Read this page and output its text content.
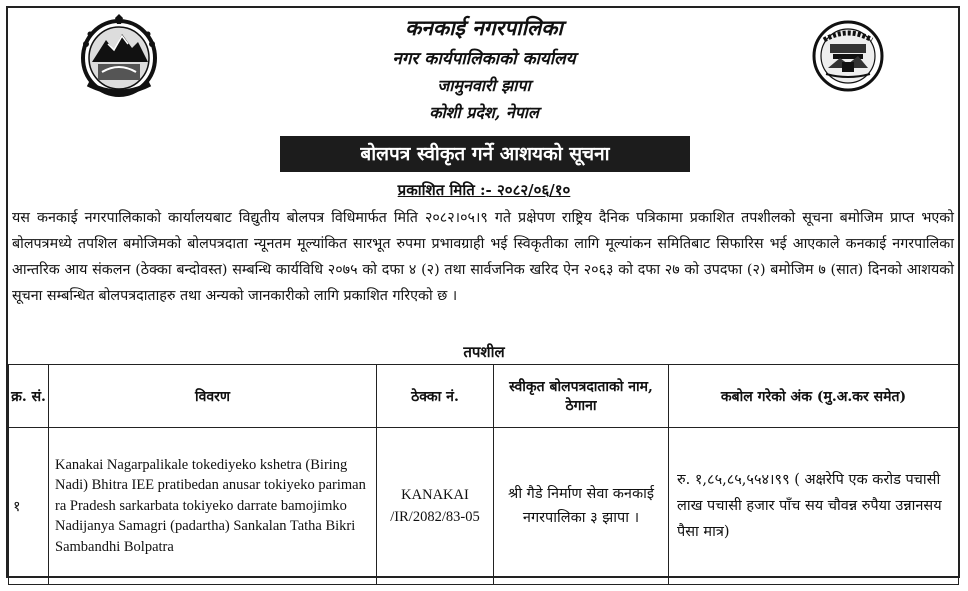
कनकाई नगरपालिका
नगर कार्यपालिकाको कार्यालय
जामुनवारी झापा
कोशी प्रदेश, नेपाल
बोलपत्र स्वीकृत गर्ने आशयको सूचना
प्रकाशित मिति :- २०८२/०६/१०
यस कनकाई नगरपालिकाको कार्यालयबाट विद्युतीय बोलपत्र विधिमार्फत मिति २०८२।०५।९ गते प्रक्षेपण राष्ट्रिय दैनिक पत्रिकामा प्रकाशित तपशीलको सूचना बमोजिम प्राप्त भएको बोलपत्रमध्ये तपशिल बमोजिमको बोलपत्रदाता न्यूनतम मूल्यांकित सारभूत रुपमा प्रभावग्राही भई स्विकृतीका लागि मूल्यांकन समितिबाट सिफारिस भई आएकाले कनकाई नगरपालिका आन्तरिक आय संकलन (ठेक्का बन्दोवस्त) सम्बन्धि कार्यविधि २०७५ को दफा ४ (२) तथा सार्वजनिक खरिद ऐन २०६३ को दफा २७ को उपदफा (२) बमोजिम ७ (सात) दिनको आशयको सूचना सम्बन्धित बोलपत्रदाताहरु तथा अन्यको जानकारीको लागि प्रकाशित गरिएको छ ।
तपशील
क्र. सं.	विवरण	ठेक्का नं.	स्वीकृत बोलपत्रदाताको नाम, ठेगाना	कबोल गरेको अंक (मु.अ.कर समेत)
१	Kanakai Nagarpalikale tokediyeko kshetra (Biring Nadi) Bhitra IEE pratibedan anusar tokiyeko pariman ra Pradesh sarkarbata tokiyeko darrate bamojimko Nadijanya Samagri (padartha) Sankalan Tatha Bikri Sambandhi Bolpatra	KANAKAI /IR/2082/83-05	श्री गैडे निर्माण सेवा कनकाई नगरपालिका ३ झापा ।	रु. १,८५,८५,५५४।९९ ( अक्षरेपि एक करोड पचासी लाख पचासी हजार पाँच सय चौवन्न रुपैया उन्नानसय पैसा मात्र)
